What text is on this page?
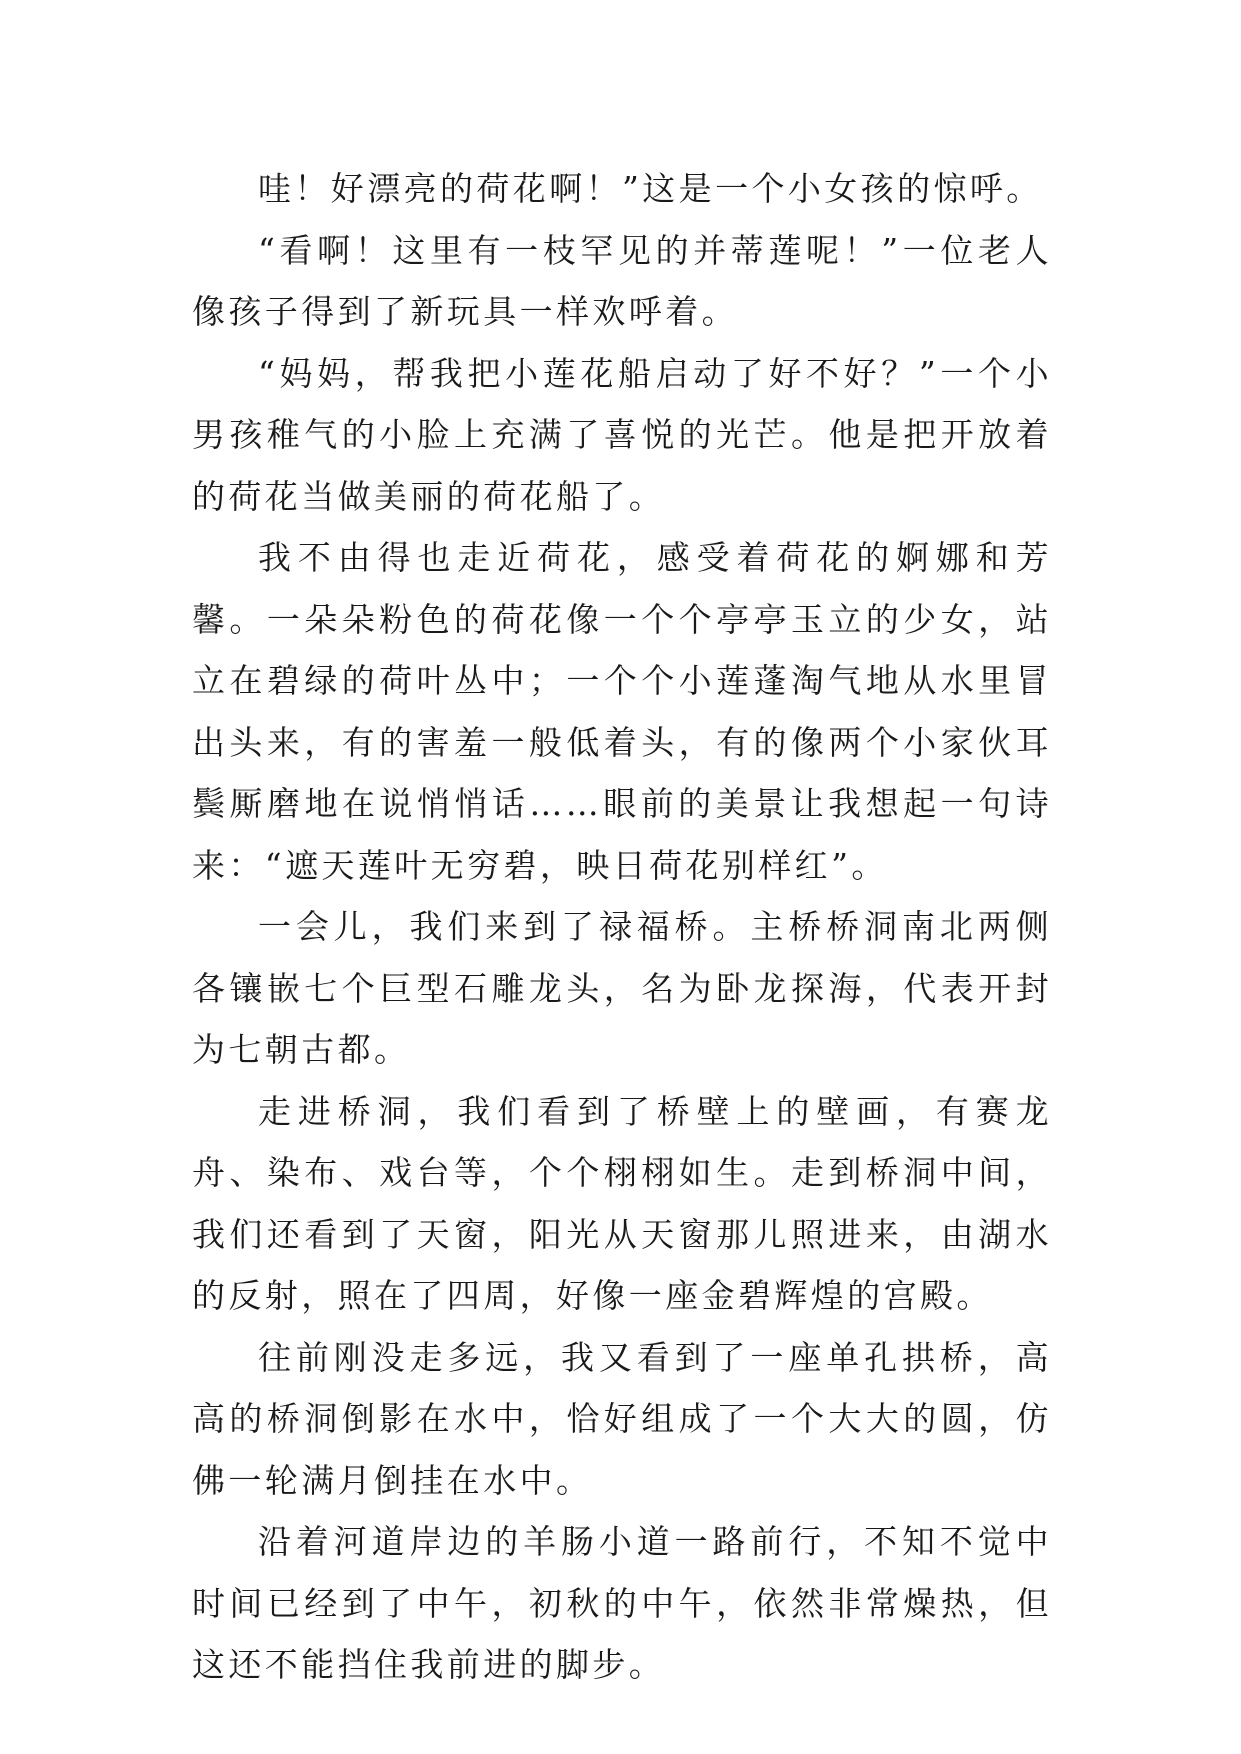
哇！好漂亮的荷花啊！”这是一个小女孩的惊呼。

“看啊！这里有一枝罕见的并蒂莲呢！”一位老人像孩子得到了新玩具一样欢呼着。

“妈妈，帮我把小莲花船启动了好不好？”一个小男孩稚气的小脸上充满了喜悦的光芒。他是把开放着的荷花当做美丽的荷花船了。

我不由得也走近荷花，感受着荷花的婀娜和芳馨。一朵朵粉色的荷花像一个个亭亭玉立的少女，站立在碧绿的荷叶丛中；一个个小莲蓬淘气地从水里冒出头来，有的害羞一般低着头，有的像两个小家伙耳鬓厮磨地在说悄悄话……眼前的美景让我想起一句诗来：“遮天莲叶无穷碧，映日荷花别样红”。

一会儿，我们来到了禄福桥。主桥桥洞南北两侧各镶嵌七个巨型石雕龙头，名为卧龙探海，代表开封为七朝古都。

走进桥洞，我们看到了桥壁上的壁画，有赛龙舟、染布、戏台等，个个栩栩如生。走到桥洞中间，我们还看到了天窗，阳光从天窗那儿照进来，由湖水的反射，照在了四周，好像一座金碧辉煌的宫殿。

往前刚没走多远，我又看到了一座单孔拱桥，高高的桥洞倒影在水中，恰好组成了一个大大的圆，仿佛一轮满月倒挂在水中。

沿着河道岸边的羊肠小道一路前行，不知不觉中时间已经到了中午，初秋的中午，依然非常燥热，但这还不能挡住我前进的脚步。
